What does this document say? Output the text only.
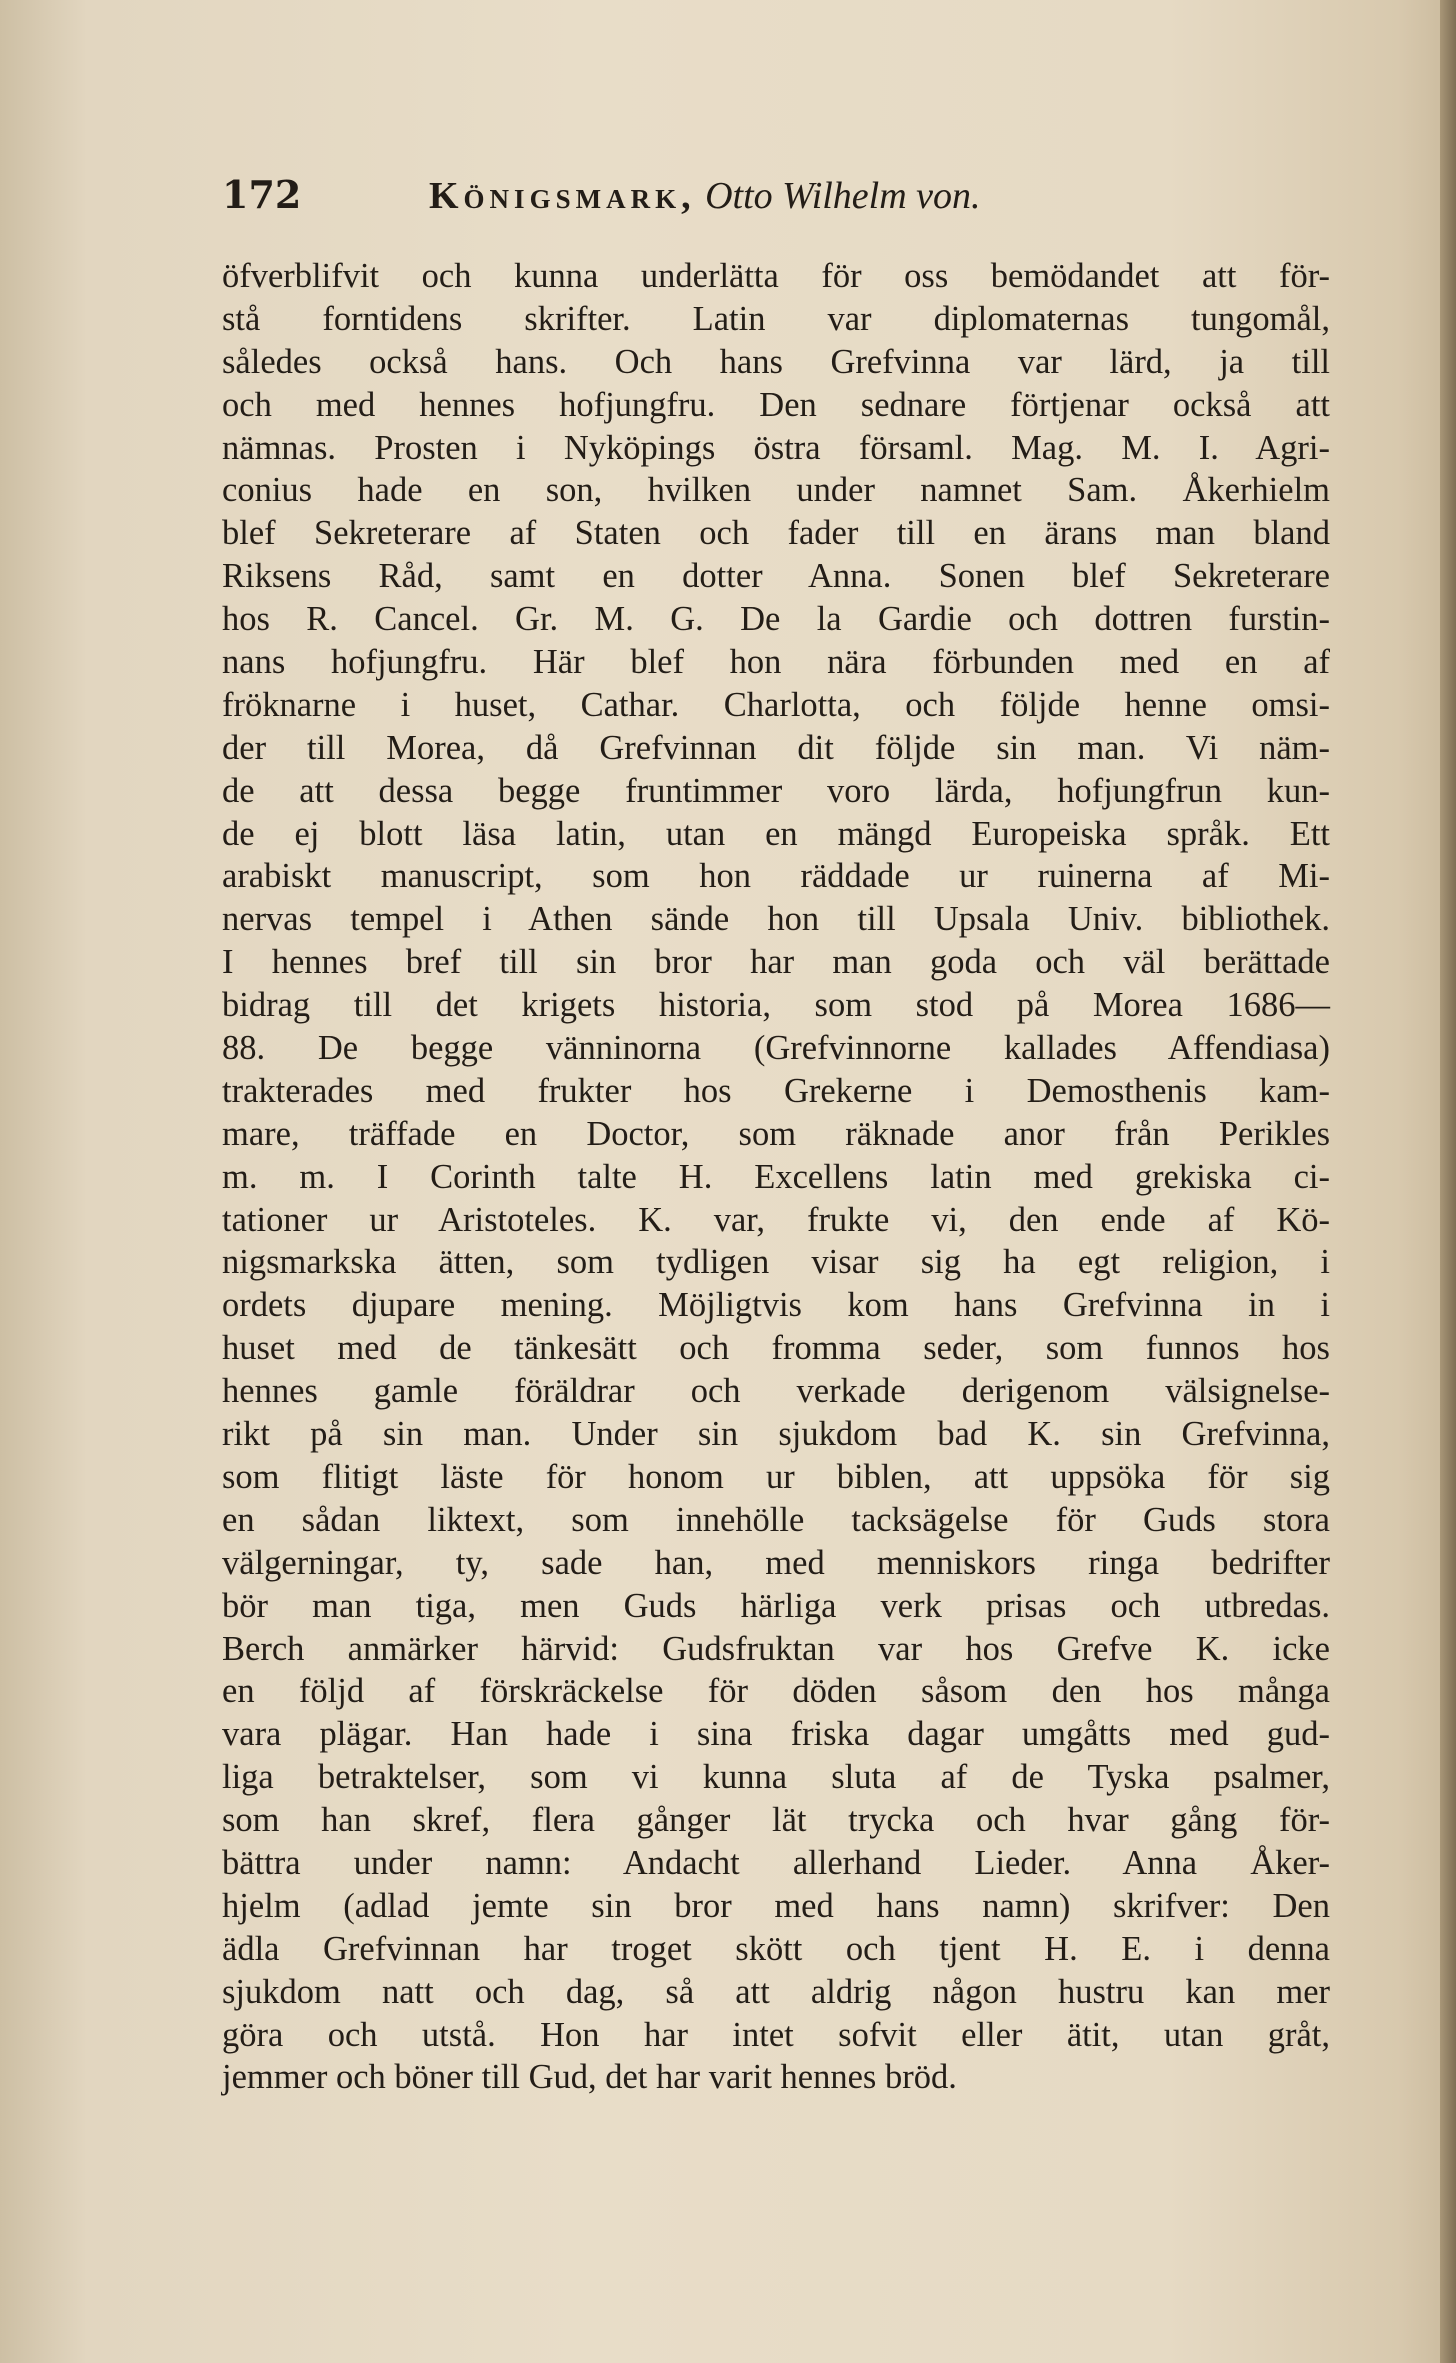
172	Königsmark, Otto Wilhelm von.
öfverblifvit och kunna underlätta för oss bemödandet att för-
stå forntidens skrifter. Latin var diplomaternas tungomål,
således också hans. Och hans Grefvinna var lärd, ja till
och med hennes hofjungfru. Den sednare förtjenar också att
nämnas. Prosten i Nyköpings östra församl. Mag. M. I. Agri-
conius hade en son, hvilken under namnet Sam. Åkerhielm
blef Sekreterare af Staten och fader till en ärans man bland
Riksens Råd, samt en dotter Anna. Sonen blef Sekreterare
hos R. Cancel. Gr. M. G. De la Gardie och dottren furstin-
nans hofjungfru. Här blef hon nära förbunden med en af
fröknarne i huset, Cathar. Charlotta, och följde henne omsi-
der till Morea, då Grefvinnan dit följde sin man. Vi näm-
de att dessa begge fruntimmer voro lärda, hofjungfrun kun-
de ej blott läsa latin, utan en mängd Europeiska språk. Ett
arabiskt manuscript, som hon räddade ur ruinerna af Mi-
nervas tempel i Athen sände hon till Upsala Univ. bibliothek.
I hennes bref till sin bror har man goda och väl berättade
bidrag till det krigets historia, som stod på Morea 1686—
88. De begge vänninorna (Grefvinnorne kallades Affendiasa)
trakterades med frukter hos Grekerne i Demosthenis kam-
mare, träffade en Doctor, som räknade anor från Perikles
m. m. I Corinth talte H. Excellens latin med grekiska ci-
tationer ur Aristoteles. K. var, frukte vi, den ende af Kö-
nigsmarkska ätten, som tydligen visar sig ha egt religion, i
ordets djupare mening. Möjligtvis kom hans Grefvinna in i
huset med de tänkesätt och fromma seder, som funnos hos
hennes gamle föräldrar och verkade derigenom välsignelse-
rikt på sin man. Under sin sjukdom bad K. sin Grefvinna,
som flitigt läste för honom ur biblen, att uppsöka för sig
en sådan liktext, som innehölle tacksägelse för Guds stora
välgerningar, ty, sade han, med menniskors ringa bedrifter
bör man tiga, men Guds härliga verk prisas och utbredas.
Berch anmärker härvid: Gudsfruktan var hos Grefve K. icke
en följd af förskräckelse för döden såsom den hos många
vara plägar. Han hade i sina friska dagar umgåtts med gud-
liga betraktelser, som vi kunna sluta af de Tyska psalmer,
som han skref, flera gånger lät trycka och hvar gång för-
bättra under namn: Andacht allerhand Lieder. Anna Åker-
hjelm (adlad jemte sin bror med hans namn) skrifver: Den
ädla Grefvinnan har troget skött och tjent H. E. i denna
sjukdom natt och dag, så att aldrig någon hustru kan mer
göra och utstå. Hon har intet sofvit eller ätit, utan gråt,
jemmer och böner till Gud, det har varit hennes bröd.
